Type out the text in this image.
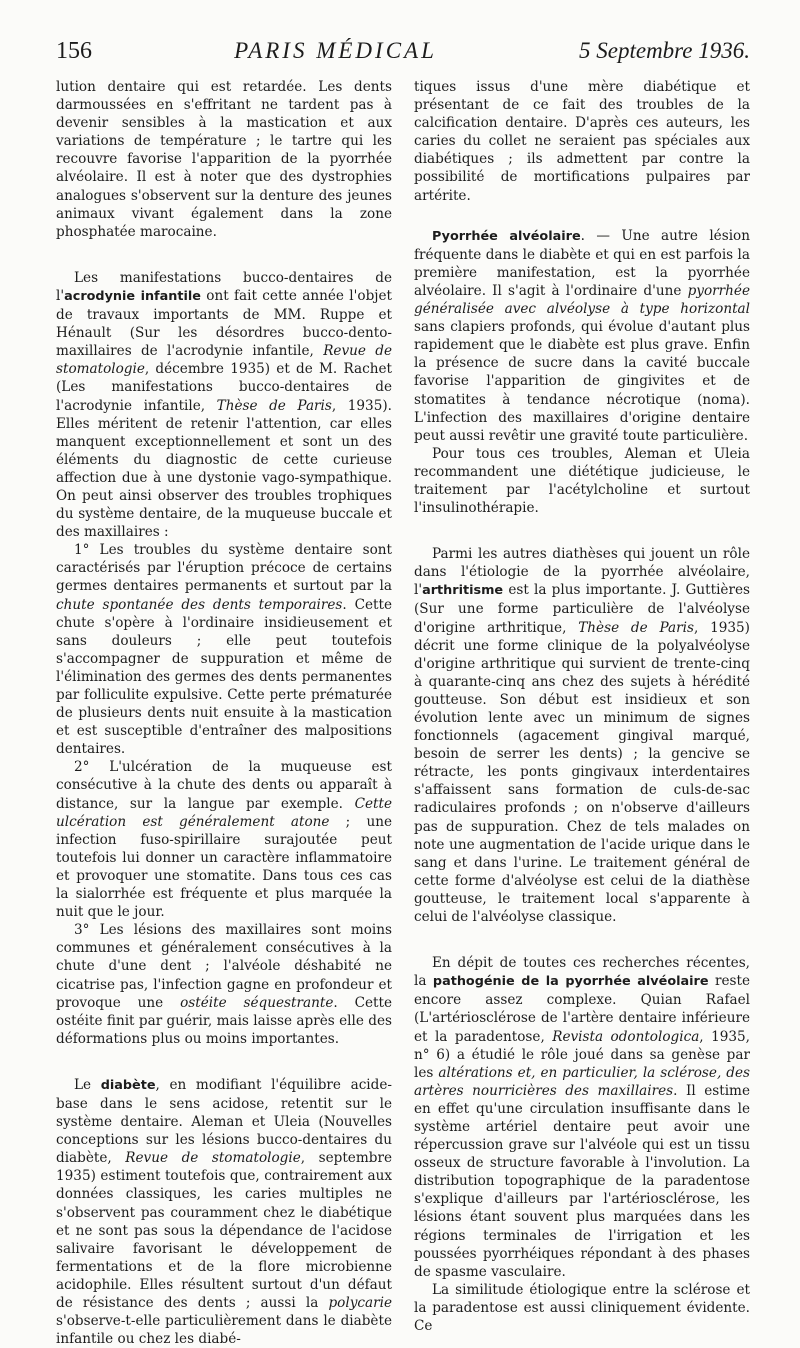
156	PARIS MÉDICAL	5 Septembre 1936.

lution dentaire qui est retardée. Les dents darmoussées en s'effritant ne tardent pas à devenir sensibles à la mastication et aux variations de température ; le tartre qui les recouvre favorise l'apparition de la pyorrhée alvéolaire. Il est à noter que des dystrophies analogues s'observent sur la denture des jeunes animaux vivant également dans la zone phosphatée marocaine.

Les manifestations bucco-dentaires de l'acrodynie infantile ont fait cette année l'objet de travaux importants de MM. Ruppe et Hénault (Sur les désordres bucco-dento-maxillaires de l'acrodynie infantile, Revue de stomatologie, décembre 1935) et de M. Rachet (Les manifestations bucco-dentaires de l'acrodynie infantile, Thèse de Paris, 1935). Elles méritent de retenir l'attention, car elles manquent exceptionnellement et sont un des éléments du diagnostic de cette curieuse affection due à une dystonie vago-sympathique. On peut ainsi observer des troubles trophiques du système dentaire, de la muqueuse buccale et des maxillaires :

1° Les troubles du système dentaire sont caractérisés par l'éruption précoce de certains germes dentaires permanents et surtout par la chute spontanée des dents temporaires. Cette chute s'opère à l'ordinaire insidieusement et sans douleurs ; elle peut toutefois s'accompagner de suppuration et même de l'élimination des germes des dents permanentes par folliculite expulsive. Cette perte prématurée de plusieurs dents nuit ensuite à la mastication et est susceptible d'entraîner des malpositions dentaires.

2° L'ulcération de la muqueuse est consécutive à la chute des dents ou apparaît à distance, sur la langue par exemple. Cette ulcération est généralement atone ; une infection fuso-spirillaire surajoutée peut toutefois lui donner un caractère inflammatoire et provoquer une stomatite. Dans tous ces cas la sialorrhée est fréquente et plus marquée la nuit que le jour.

3° Les lésions des maxillaires sont moins communes et généralement consécutives à la chute d'une dent ; l'alvéole déshabité ne cicatrise pas, l'infection gagne en profondeur et provoque une ostéite séquestrante. Cette ostéite finit par guérir, mais laisse après elle des déformations plus ou moins importantes.

Le diabète, en modifiant l'équilibre acide-base dans le sens acidose, retentit sur le système dentaire. Aleman et Uleia (Nouvelles conceptions sur les lésions bucco-dentaires du diabète, Revue de stomatologie, septembre 1935) estiment toutefois que, contrairement aux données classiques, les caries multiples ne s'observent pas couramment chez le diabétique et ne sont pas sous la dépendance de l'acidose salivaire favorisant le développement de fermentations et de la flore microbienne acidophile. Elles résultent surtout d'un défaut de résistance des dents ; aussi la polycarie s'observe-t-elle particulièrement dans le diabète infantile ou chez les diabé-

tiques issus d'une mère diabétique et présentant de ce fait des troubles de la calcification dentaire. D'après ces auteurs, les caries du collet ne seraient pas spéciales aux diabétiques ; ils admettent par contre la possibilité de mortifications pulpaires par artérite.

Pyorrhée alvéolaire. — Une autre lésion fréquente dans le diabète et qui en est parfois la première manifestation, est la pyorrhée alvéolaire. Il s'agit à l'ordinaire d'une pyorrhée généralisée avec alvéolyse à type horizontal sans clapiers profonds, qui évolue d'autant plus rapidement que le diabète est plus grave. Enfin la présence de sucre dans la cavité buccale favorise l'apparition de gingivites et de stomatites à tendance nécrotique (noma). L'infection des maxillaires d'origine dentaire peut aussi revêtir une gravité toute particulière.

Pour tous ces troubles, Aleman et Uleia recommandent une diététique judicieuse, le traitement par l'acétylcholine et surtout l'insulinothérapie.

Parmi les autres diathèses qui jouent un rôle dans l'étiologie de la pyorrhée alvéolaire, l'arthritisme est la plus importante. J. Guttières (Sur une forme particulière de l'alvéolyse d'origine arthritique, Thèse de Paris, 1935) décrit une forme clinique de la polyalvéolyse d'origine arthritique qui survient de trente-cinq à quarante-cinq ans chez des sujets à hérédité goutteuse. Son début est insidieux et son évolution lente avec un minimum de signes fonctionnels (agacement gingival marqué, besoin de serrer les dents) ; la gencive se rétracte, les ponts gingivaux interdentaires s'affaissent sans formation de culs-de-sac radiculaires profonds ; on n'observe d'ailleurs pas de suppuration. Chez de tels malades on note une augmentation de l'acide urique dans le sang et dans l'urine. Le traitement général de cette forme d'alvéolyse est celui de la diathèse goutteuse, le traitement local s'apparente à celui de l'alvéolyse classique.

En dépit de toutes ces recherches récentes, la pathogénie de la pyorrhée alvéolaire reste encore assez complexe. Quian Rafael (L'artériosclérose de l'artère dentaire inférieure et la paradentose, Revista odontologica, 1935, n° 6) a étudié le rôle joué dans sa genèse par les altérations et, en particulier, la sclérose, des artères nourricières des maxillaires. Il estime en effet qu'une circulation insuffisante dans le système artériel dentaire peut avoir une répercussion grave sur l'alvéole qui est un tissu osseux de structure favorable à l'involution. La distribution topographique de la paradentose s'explique d'ailleurs par l'artériosclérose, les lésions étant souvent plus marquées dans les régions terminales de l'irrigation et les poussées pyorrhéiques répondant à des phases de spasme vasculaire.

La similitude étiologique entre la sclérose et la paradentose est aussi cliniquement évidente. Ce
